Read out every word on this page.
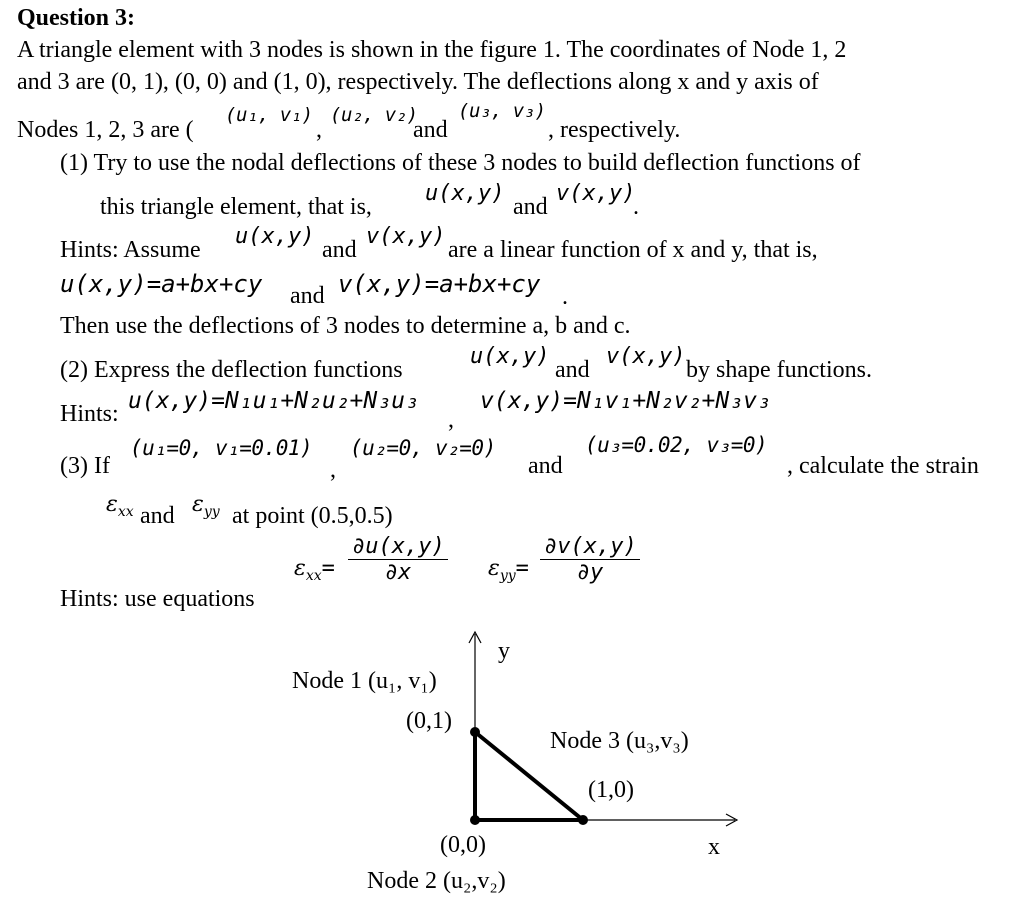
Question 3:
A triangle element with 3 nodes is shown in the figure 1. The coordinates of Node 1, 2
and 3 are (0, 1), (0, 0) and (1, 0), respectively. The deflections along x and y axis of
Nodes 1, 2, 3 are (
(u₁, v₁)
,
(u₂, v₂)
and
(u₃, v₃)
, respectively.
(1) Try to use the nodal deflections of these 3 nodes to build deflection functions of
this triangle element, that is,
u(x,y)
and
v(x,y)
.
Hints: Assume
u(x,y)
and
v(x,y)
are a linear function of x and y, that is,
u(x,y)=a+bx+cy and v(x,y)=a+bx+cy .
Then use the deflections of 3 nodes to determine a, b and c.
(2) Express the deflection functions
u(x,y)
and
v(x,y)
by shape functions.
Hints: u(x,y)=N₁u₁+N₂u₂+N₃u₃
,
v(x,y)=N₁v₁+N₂v₂+N₃v₃
(3) If
(u₁=0, v₁=0.01)
,
(u₂=0, v₂=0)
and
(u₃=0.02, v₃=0)
, calculate the strain
$\varepsilon_{xx}$ and $\varepsilon_{yy}$ at point (0.5,0.5)
Hints: use equations
$\varepsilon_{xx}= \frac{\partial u(x,y)}{\partial x} \varepsilon_{yy}= \frac{\partial v(x,y)}{\partial y}$
y
x
Node 1 (u₁, v₁)
(0,1)
Node 3 (u₃,v₃)
(1,0)
(0,0)
Node 2 (u₂,v₂)
